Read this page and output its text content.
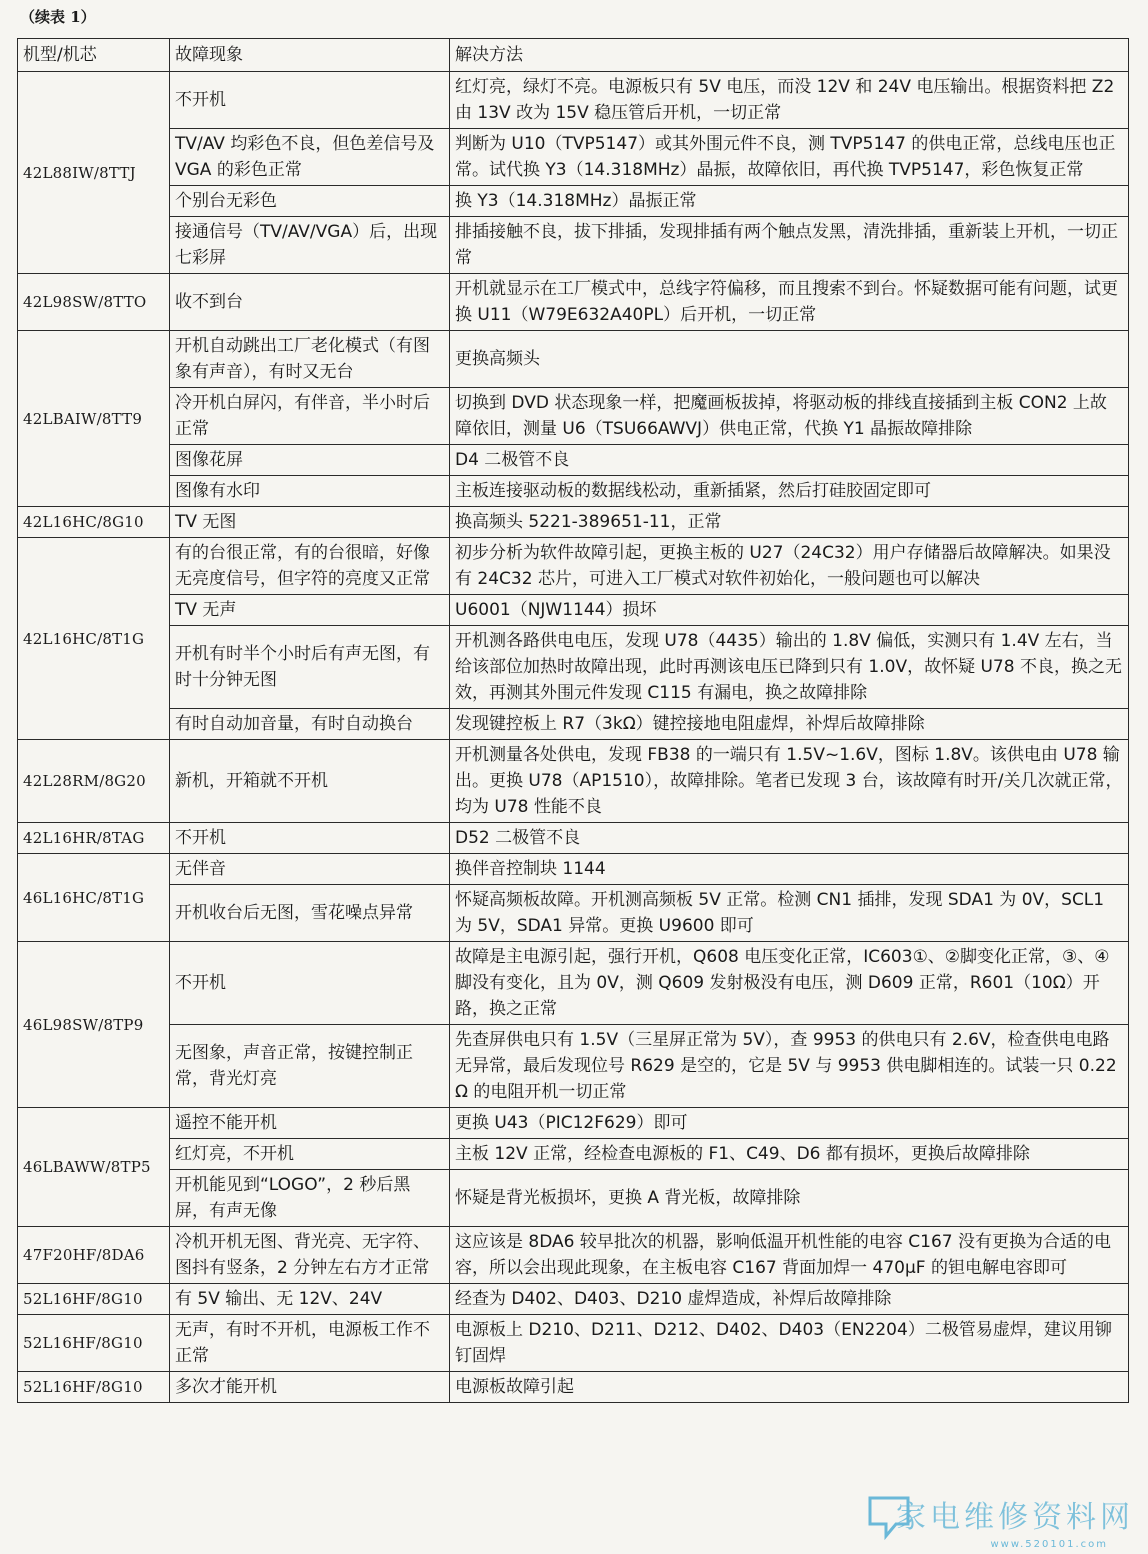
（续表 1）
机型/机芯	故障现象	解决方法
42L88IW/8TTJ	不开机	红灯亮，绿灯不亮。电源板只有 5V 电压，而没 12V 和 24V 电压输出。根据资料把 Z2 由 13V 改为 15V 稳压管后开机，一切正常
	TV/AV 均彩色不良，但色差信号及 VGA 的彩色正常	判断为 U10（TVP5147）或其外围元件不良，测 TVP5147 的供电正常，总线电压也正常。试代换 Y3（14.318MHz）晶振，故障依旧，再代换 TVP5147，彩色恢复正常
	个别台无彩色	换 Y3（14.318MHz）晶振正常
	接通信号（TV/AV/VGA）后，出现七彩屏	排插接触不良，拔下排插，发现排插有两个触点发黑，清洗排插，重新装上开机，一切正常
42L98SW/8TTO	收不到台	开机就显示在工厂模式中，总线字符偏移，而且搜索不到台。怀疑数据可能有问题，试更换 U11（W79E632A40PL）后开机，一切正常
42LBAIW/8TT9	开机自动跳出工厂老化模式（有图象有声音），有时又无台	更换高频头
	冷开机白屏闪，有伴音，半小时后正常	切换到 DVD 状态现象一样，把魔画板拔掉，将驱动板的排线直接插到主板 CON2 上故障依旧，测量 U6（TSU66AWVJ）供电正常，代换 Y1 晶振故障排除
	图像花屏	D4 二极管不良
	图像有水印	主板连接驱动板的数据线松动，重新插紧，然后打硅胶固定即可
42L16HC/8G10	TV 无图	换高频头 5221-389651-11，正常
42L16HC/8T1G	有的台很正常，有的台很暗，好像无亮度信号，但字符的亮度又正常	初步分析为软件故障引起，更换主板的 U27（24C32）用户存储器后故障解决。如果没有 24C32 芯片，可进入工厂模式对软件初始化，一般问题也可以解决
	TV 无声	U6001（NJW1144）损坏
	开机有时半个小时后有声无图，有时十分钟无图	开机测各路供电电压，发现 U78（4435）输出的 1.8V 偏低，实测只有 1.4V 左右，当给该部位加热时故障出现，此时再测该电压已降到只有 1.0V，故怀疑 U78 不良，换之无效，再测其外围元件发现 C115 有漏电，换之故障排除
	有时自动加音量，有时自动换台	发现键控板上 R7（3kΩ）键控接地电阻虚焊，补焊后故障排除
42L28RM/8G20	新机，开箱就不开机	开机测量各处供电，发现 FB38 的一端只有 1.5V~1.6V，图标 1.8V。该供电由 U78 输出。更换 U78（AP1510），故障排除。笔者已发现 3 台，该故障有时开/关几次就正常，均为 U78 性能不良
42L16HR/8TAG	不开机	D52 二极管不良
46L16HC/8T1G	无伴音	换伴音控制块 1144
	开机收台后无图，雪花噪点异常	怀疑高频板故障。开机测高频板 5V 正常。检测 CN1 插排，发现 SDA1 为 0V，SCL1 为 5V，SDA1 异常。更换 U9600 即可
46L98SW/8TP9	不开机	故障是主电源引起，强行开机，Q608 电压变化正常，IC603①、②脚变化正常，③、④脚没有变化，且为 0V，测 Q609 发射极没有电压，测 D609 正常，R601（10Ω）开路，换之正常
	无图象，声音正常，按键控制正常，背光灯亮	先查屏供电只有 1.5V（三星屏正常为 5V），查 9953 的供电只有 2.6V，检查供电电路无异常，最后发现位号 R629 是空的，它是 5V 与 9953 供电脚相连的。试装一只 0.22Ω 的电阻开机一切正常
46LBAWW/8TP5	遥控不能开机	更换 U43（PIC12F629）即可
	红灯亮，不开机	主板 12V 正常，经检查电源板的 F1、C49、D6 都有损坏，更换后故障排除
	开机能见到“LOGO”，2 秒后黑屏，有声无像	怀疑是背光板损坏，更换 A 背光板，故障排除
47F20HF/8DA6	冷机开机无图、背光亮、无字符、图抖有竖条，2 分钟左右方才正常	这应该是 8DA6 较早批次的机器，影响低温开机性能的电容 C167 没有更换为合适的电容，所以会出现此现象，在主板电容 C167 背面加焊一 470μF 的钽电解电容即可
52L16HF/8G10	有 5V 输出、无 12V、24V	经查为 D402、D403、D210 虚焊造成，补焊后故障排除
52L16HF/8G10	无声，有时不开机，电源板工作不正常	电源板上 D210、D211、D212、D402、D403（EN2204）二极管易虚焊，建议用铆钉固焊
52L16HF/8G10	多次才能开机	电源板故障引起
家电维修资料网
www.520101.com
